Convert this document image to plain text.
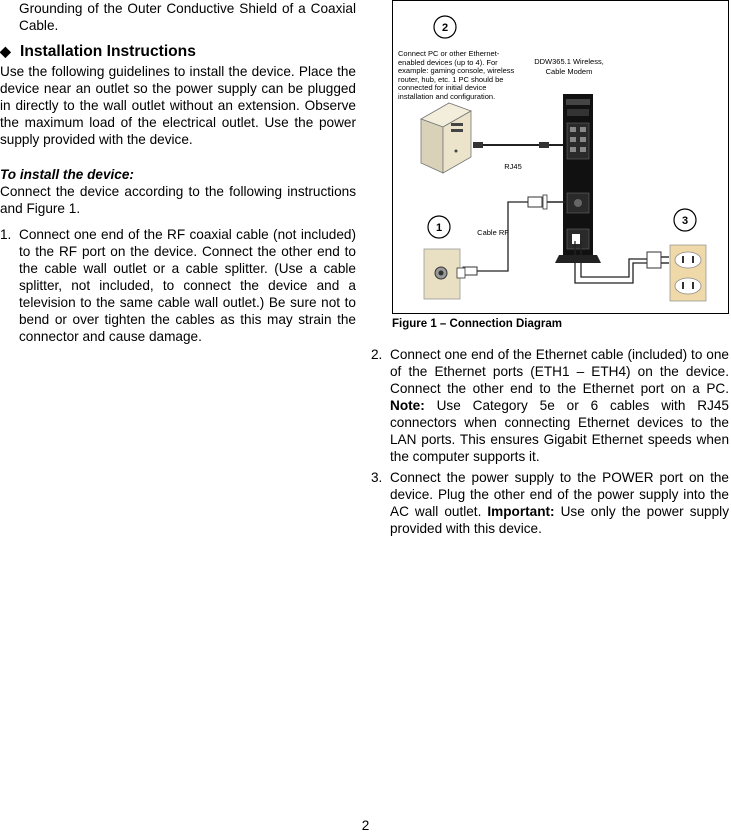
Grounding of the Outer Conductive Shield of a Coaxial Cable.

◆ Installation Instructions

Use the following guidelines to install the device. Place the device near an outlet so the power supply can be plugged in directly to the wall outlet without an extension. Observe the maximum load of the electrical outlet. Use the power supply provided with the device.

To install the device:

Connect the device according to the following instructions and Figure 1.

1. Connect one end of the RF coaxial cable (not included) to the RF port on the device. Connect the other end to the cable wall outlet or a cable splitter. (Use a cable splitter, not included, to connect the device and a television to the same cable wall outlet.) Be sure not to bend or over tighten the cables as this may strain the connector and cause damage.
2
Connect PC or other Ethernet-enabled devices (up to 4). For example: gaming console, wireless router, hub, etc. 1 PC should be connected for initial device installation and configuration.
DDW365.1 Wireless,
Cable Modem
RJ45
Cable RF
1
3
Figure 1 – Connection Diagram
2. Connect one end of the Ethernet cable (included) to one of the Ethernet ports (ETH1 – ETH4) on the device. Connect the other end to the Ethernet port on a PC. Note: Use Category 5e or 6 cables with RJ45 connectors when connecting Ethernet devices to the LAN ports. This ensures Gigabit Ethernet speeds when the computer supports it.
3. Connect the power supply to the POWER port on the device. Plug the other end of the power supply into the AC wall outlet. Important: Use only the power supply provided with this device.
2
